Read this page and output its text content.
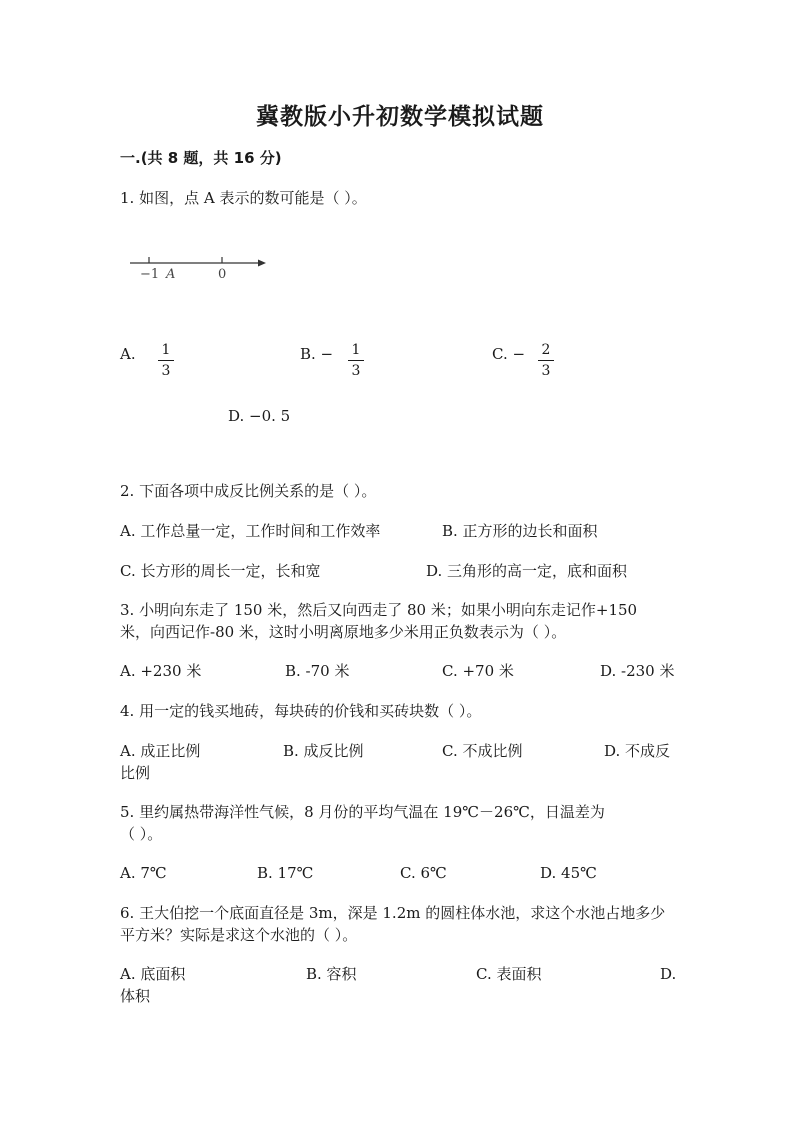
冀教版小升初数学模拟试题
一.(共 8 题，共 16 分)
1. 如图，点 A 表示的数可能是（ ）。
−1 A	0
A.	1
3
B. −	1
3
C. −	2
3
D. −0. 5
2. 下面各项中成反比例关系的是（ ）。
A. 工作总量一定，工作时间和工作效率	B. 正方形的边长和面积
C. 长方形的周长一定，长和宽	D. 三角形的高一定，底和面积
3. 小明向东走了 150 米，然后又向西走了 80 米；如果小明向东走记作+150
米，向西记作-80 米，这时小明离原地多少米用正负数表示为（ ）。
A. +230 米	B. -70 米	C. +70 米	D. -230 米
4. 用一定的钱买地砖，每块砖的价钱和买砖块数（ ）。
A. 成正比例	B. 成反比例	C. 不成比例	D. 不成反
比例
5. 里约属热带海洋性气候，8 月份的平均气温在 19℃－26℃，日温差为
（ ）。
A. 7℃	B. 17℃	C. 6℃	D. 45℃
6. 王大伯挖一个底面直径是 3m，深是 1.2m 的圆柱体水池，求这个水池占地多少
平方米？实际是求这个水池的（ ）。
A. 底面积	B. 容积	C. 表面积	D.
体积
